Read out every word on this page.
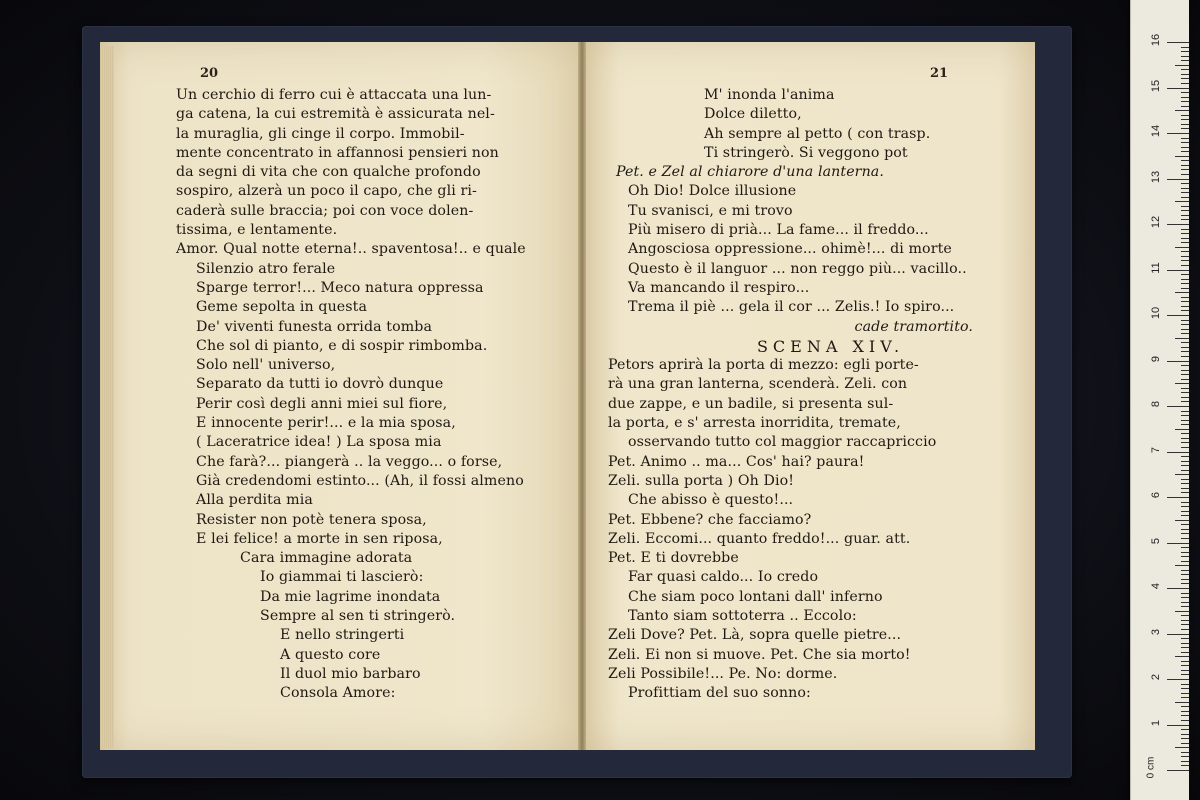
20	21
Un cerchio di ferro cui è attaccata una lun-
ga catena, la cui estremità è assicurata nel-
la muraglia, gli cinge il corpo. Immobil-
mente concentrato in affannosi pensieri non
da segni di vita che con qualche profondo
sospiro, alzerà un poco il capo, che gli ri-
caderà sulle braccia; poi con voce dolen-
tissima, e lentamente.
Amor. Qual notte eterna!.. spaventosa!.. e quale
Silenzio atro ferale
Sparge terror!... Meco natura oppressa
Geme sepolta in questa
De' viventi funesta orrida tomba
Che sol di pianto, e di sospir rimbomba.
Solo nell' universo,
Separato da tutti io dovrò dunque
Perir così degli anni miei sul fiore,
E innocente perir!... e la mia sposa,
( Laceratrice idea! ) La sposa mia
Che farà?... piangerà .. la veggo... o forse,
Già credendomi estinto... (Ah, il fossi almeno
Alla perdita mia
Resister non potè tenera sposa,
E lei felice! a morte in sen riposa,
Cara immagine adorata
Io giammai ti lascierò:
Da mie lagrime inondata
Sempre al sen ti stringerò.
E nello stringerti
A questo core
Il duol mio barbaro
Consola Amore:
M' inonda l'anima
Dolce diletto,
Ah sempre al petto ( con trasp.
Ti stringerò. Si veggono pot
Pet. e Zel al chiarore d'una lanterna.
Oh Dio! Dolce illusione
Tu svanisci, e mi trovo
Più misero di prià... La fame... il freddo...
Angosciosa oppressione... ohimè!... di morte
Questo è il languor ... non reggo più... vacillo..
Va mancando il respiro...
Trema il piè ... gela il cor ... Zelis.! Io spiro...
cade tramortito.
SCENA XIV.
Petors aprirà la porta di mezzo: egli porte-
rà una gran lanterna, scenderà. Zeli. con
due zappe, e un badile, si presenta sul-
la porta, e s' arresta inorridita, tremate,
osservando tutto col maggior raccapriccio
Pet. Animo .. ma... Cos' hai? paura!
Zeli. sulla porta ) Oh Dio!
Che abisso è questo!...
Pet. Ebbene? che facciamo?
Zeli. Eccomi... quanto freddo!... guar. att.
Pet. E ti dovrebbe
Far quasi caldo... Io credo
Che siam poco lontani dall' inferno
Tanto siam sottoterra .. Eccolo:
Zeli Dove? Pet. Là, sopra quelle pietre...
Zeli. Ei non si muove. Pet. Che sia morto!
Zeli Possibile!... Pe. No: dorme.
Profittiam del suo sonno:
0 cm
1
2
3
4
5
6
7
8
9
10
11
12
13
14
15
16
